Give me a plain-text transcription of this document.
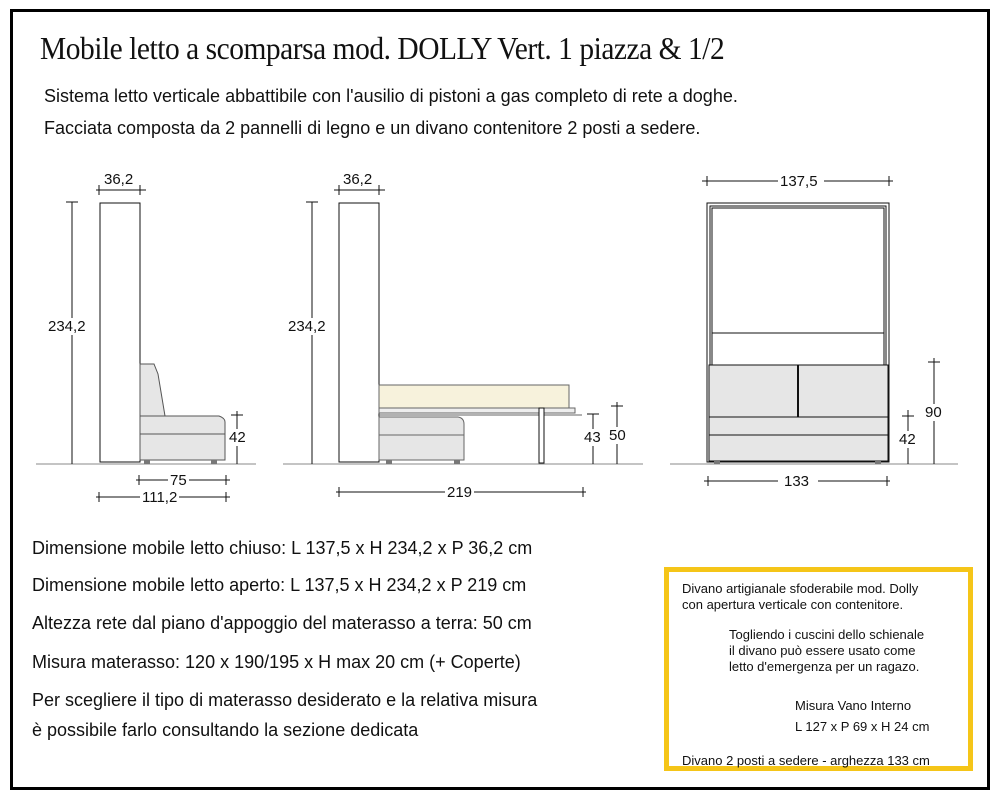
Mobile letto a scomparsa mod. DOLLY Vert. 1 piazza & 1/2
Sistema letto verticale abbattibile con l'ausilio di pistoni a gas completo di rete a doghe.
Facciata composta da 2 pannelli di legno e un divano contenitore 2 posti a sedere.
36,2
234,2
42
75
111,2
36,2
234,2
43 50
219
137,5
90
42
133
Dimensione mobile letto chiuso: L 137,5 x H 234,2 x P 36,2 cm
Dimensione mobile letto aperto: L 137,5 x H 234,2 x P 219 cm
Altezza rete dal piano d'appoggio del materasso a terra: 50 cm
Misura materasso: 120 x 190/195 x H max 20 cm (+ Coperte)
Per scegliere il tipo di materasso desiderato e la relativa misura
è possibile farlo consultando la sezione dedicata
Divano artigianale sfoderabile mod. Dolly
con apertura verticale con contenitore.
Togliendo i cuscini dello schienale
il divano può essere usato come
letto d'emergenza per un ragazo.
Misura Vano Interno
L 127 x P 69 x H 24 cm
Divano 2 posti a sedere - arghezza 133 cm
